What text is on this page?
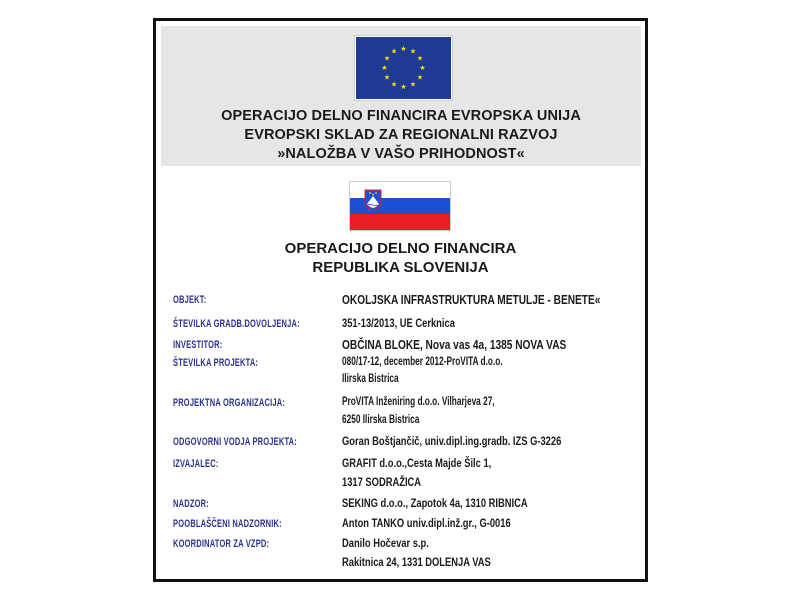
★ ★
★
★
★
★
★
★
★
★
★
★
OPERACIJO DELNO FINANCIRA EVROPSKA UNIJA
EVROPSKI SKLAD ZA REGIONALNI RAZVOJ
»NALOŽBA V VAŠO PRIHODNOST«
OPERACIJO DELNO FINANCIRA
REPUBLIKA SLOVENIJA
OBJEKT:	OKOLJSKA INFRASTRUKTURA METULJE - BENETE«
ŠTEVILKA GRADB.DOVOLJENJA:	351-13/2013, UE Cerknica
INVESTITOR:	OBČINA BLOKE, Nova vas 4a, 1385 NOVA VAS
ŠTEVILKA PROJEKTA:	080/17-12, december 2012-ProVITA d.o.o.
Ilirska Bistrica
PROJEKTNA ORGANIZACIJA:	ProVITA Inženiring d.o.o. Vilharjeva 27,
6250 Ilirska Bistrica
ODGOVORNI VODJA PROJEKTA:	Goran Boštjančič, univ.dipl.ing.gradb. IZS G-3226
IZVAJALEC:	GRAFIT d.o.o.,Cesta Majde Šilc 1,
1317 SODRAŽICA
NADZOR:	SEKING d.o.o., Zapotok 4a, 1310 RIBNICA
POOBLAŠČENI NADZORNIK:	Anton TANKO univ.dipl.inž.gr., G-0016
KOORDINATOR ZA VZPD:	Danilo Hočevar s.p.
Rakitnica 24, 1331 DOLENJA VAS
